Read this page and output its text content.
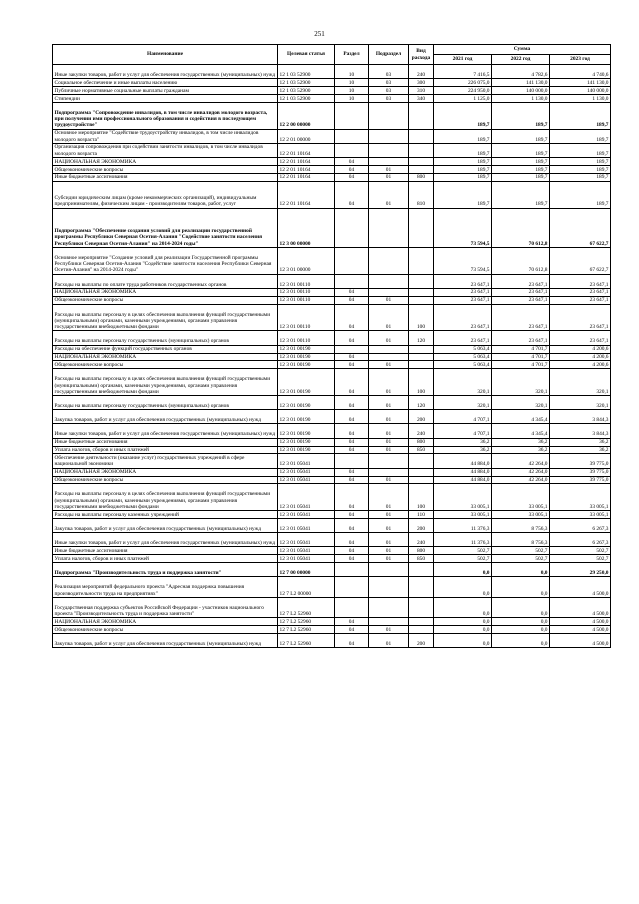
251
Наименование	Целевая статья	Раздел	Подраздел	Вид расхода	Сумма		
					2021 год	2022 год	2023 год
Иные закупки товаров, работ и услуг для обеспечения государственных (муниципальных) нужд	12 1 03 52900	10	03	240	7 416,5	4 782,6	4 740,6
Социальное обеспечение и иные выплаты населению	12 1 03 52900	10	03	300	226 075,0	141 130,0	141 130,0
Публичные нормативные социальные выплаты гражданам	12 1 03 52900	10	03	310	224 950,0	140 000,0	140 000,0
Стипендии	12 1 03 52900	10	03	340	1 125,0	1 130,0	1 130,0
Подпрограмма "Сопровождение инвалидов, в том числе инвалидов молодого возраста, при получении ими профессионального образования и содействия в последующем трудоустройстве"	12 2 00 00000				189,7	189,7	189,7
Основное мероприятие "Содействие трудоустройству инвалидов, в том числе инвалидов молодого возраста"	12 2 01 00000				189,7	189,7	189,7
Организация сопровождения при содействии занятости инвалидов, в том числе инвалидов молодого возраста	12 2 01 10164				189,7	189,7	189,7
НАЦИОНАЛЬНАЯ ЭКОНОМИКА	12 2 01 10164	04			189,7	189,7	189,7
Общеэкономические вопросы	12 2 01 10164	04	01		189,7	189,7	189,7
Иные бюджетные ассигнования	12 2 01 10164	04	01	800	189,7	189,7	189,7
Субсидии юридическим лицам (кроме некоммерческих организаций), индивидуальным предпринимателям, физическим лицам - производителям товаров, работ, услуг	12 2 01 10164	04	01	810	189,7	189,7	189,7
Подпрограмма "Обеспечение создания условий для реализации государственной программы Республики Северная Осетия-Алания "Содействие занятости населения Республики Северная Осетия-Алания" на 2014-2024 годы"	12 3 00 00000				73 594,5	70 612,8	67 622,7
Основное мероприятие "Создание условий для реализации Государственной программы Республики Северная Осетия-Алания "Содействие занятости населения Республики Северная Осетия-Алания" на 2014-2024 годы"	12 3 01 00000				73 594,5	70 612,8	67 622,7
Расходы на выплаты по оплате труда работников государственных органов	12 3 01 00110				23 647,1	23 647,1	23 647,1
НАЦИОНАЛЬНАЯ ЭКОНОМИКА	12 3 01 00110	04			23 647,1	23 647,1	23 647,1
Общеэкономические вопросы	12 3 01 00110	04	01		23 647,1	23 647,1	23 647,1
Расходы на выплаты персоналу в целях обеспечения выполнения функций государственными (муниципальными) органами, казенными учреждениями, органами управления государственными внебюджетными фондами	12 3 01 00110	04	01	100	23 647,1	23 647,1	23 647,1
Расходы на выплаты персоналу государственных (муниципальных) органов	12 3 01 00110	04	01	120	23 647,1	23 647,1	23 647,1
Расходы на обеспечение функций государственных органов	12 3 01 00190				5 063,4	4 701,7	4 200,6
НАЦИОНАЛЬНАЯ ЭКОНОМИКА	12 3 01 00190	04			5 063,4	4 701,7	4 200,6
Общеэкономические вопросы	12 3 01 00190	04	01		5 063,4	4 701,7	4 200,6
Расходы на выплаты персоналу в целях обеспечения выполнения функций государственными (муниципальными) органами, казенными учреждениями, органами управления государственными внебюджетными фондами	12 3 01 00190	04	01	100	320,1	320,1	320,1
Расходы на выплаты персоналу государственных (муниципальных) органов	12 3 01 00190	04	01	120	320,1	320,1	320,1
Закупка товаров, работ и услуг для обеспечения государственных (муниципальных) нужд	12 3 01 00190	04	01	200	4 707,1	4 345,4	3 844,3
Иные закупки товаров, работ и услуг для обеспечения государственных (муниципальных) нужд	12 3 01 00190	04	01	240	4 707,1	4 345,4	3 844,3
Иные бюджетные ассигнования	12 3 01 00190	04	01	800	36,2	36,2	36,2
Уплата налогов, сборов и иных платежей	12 3 01 00190	04	01	850	36,2	36,2	36,2
Обеспечение деятельности (оказание услуг) государственных учреждений в сфере национальной экономики	12 3 01 05041				44 884,0	42 264,0	39 775,0
НАЦИОНАЛЬНАЯ ЭКОНОМИКА	12 3 01 05041	04			44 884,0	42 264,0	39 775,0
Общеэкономические вопросы	12 3 01 05041	04	01		44 884,0	42 264,0	39 775,0
Расходы на выплаты персоналу в целях обеспечения выполнения функций государственными (муниципальными) органами, казенными учреждениями, органами управления государственными внебюджетными фондами	12 3 01 05041	04	01	100	33 005,1	33 005,1	33 005,1
Расходы на выплаты персоналу казенных учреждений	12 3 01 05041	04	01	110	33 005,1	33 005,1	33 005,1
Закупка товаров, работ и услуг для обеспечения государственных (муниципальных) нужд	12 3 01 05041	04	01	200	11 376,3	8 756,3	6 267,3
Иные закупки товаров, работ и услуг для обеспечения государственных (муниципальных) нужд	12 3 01 05041	04	01	240	11 376,3	8 756,3	6 267,3
Иные бюджетные ассигнования	12 3 01 05041	04	01	800	502,7	502,7	502,7
Уплата налогов, сборов и иных платежей	12 3 01 05041	04	01	850	502,7	502,7	502,7
Подпрограмма "Производительность труда и поддержка занятости"	12 7 00 00000				0,0	0,0	29 250,0
Реализация мероприятий федерального проекта "Адресная поддержка повышения производительности труда на предприятиях"	12 7 L2 00000				0,0	0,0	4 500,0
Государственная поддержка субъектов Российской Федерации - участников национального проекта "Производительность труда и поддержка занятости"	12 7 L2 52960				0,0	0,0	4 500,0
НАЦИОНАЛЬНАЯ ЭКОНОМИКА	12 7 L2 52960	04			0,0	0,0	4 500,0
Общеэкономические вопросы	12 7 L2 52960	04	01		0,0	0,0	4 500,0
Закупка товаров, работ и услуг для обеспечения государственных (муниципальных) нужд	12 7 L2 52960	04	01	200	0,0	0,0	4 500,0
